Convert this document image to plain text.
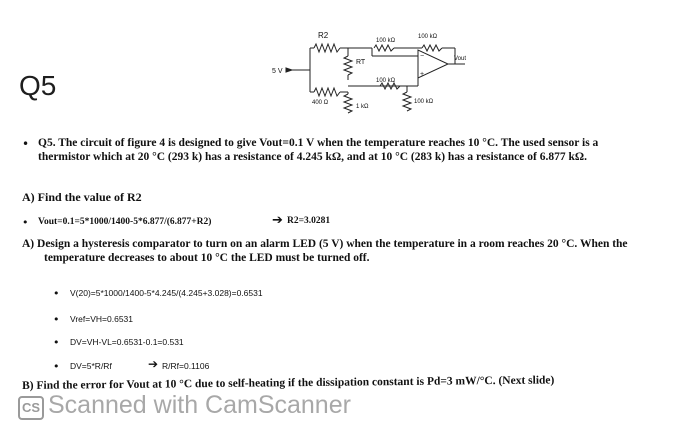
Q5
−
+
R2
100 kΩ
100 kΩ
RT
5 V
Vout
100 kΩ
400 Ω
1 kΩ
100 kΩ
• Q5. The circuit of figure 4 is designed to give Vout=0.1 V when the temperature reaches 10 °C. The used sensor is a
thermistor which at 20 °C (293 k) has a resistance of 4.245 kΩ, and at 10 °C (283 k) has a resistance of 6.877 kΩ.
A) Find the value of R2
• Vout=0.1=5*1000/1400-5*6.877/(6.877+R2)	➔ R2=3.0281
A) Design a hysteresis comparator to turn on an alarm LED (5 V) when the temperature in a room reaches 20 °C. When the
temperature decreases to about 10 °C the LED must be turned off.
• V(20)=5*1000/1400-5*4.245/(4.245+3.028)=0.6531
• Vref=VH=0.6531
• DV=VH-VL=0.6531-0.1=0.531
• DV=5*R/Rf	➔ R/Rf=0.1106
B) Find the error for Vout at 10 °C due to self-heating if the dissipation constant is Pd=3 mW/°C. (Next slide)
CS Scanned with CamScanner
